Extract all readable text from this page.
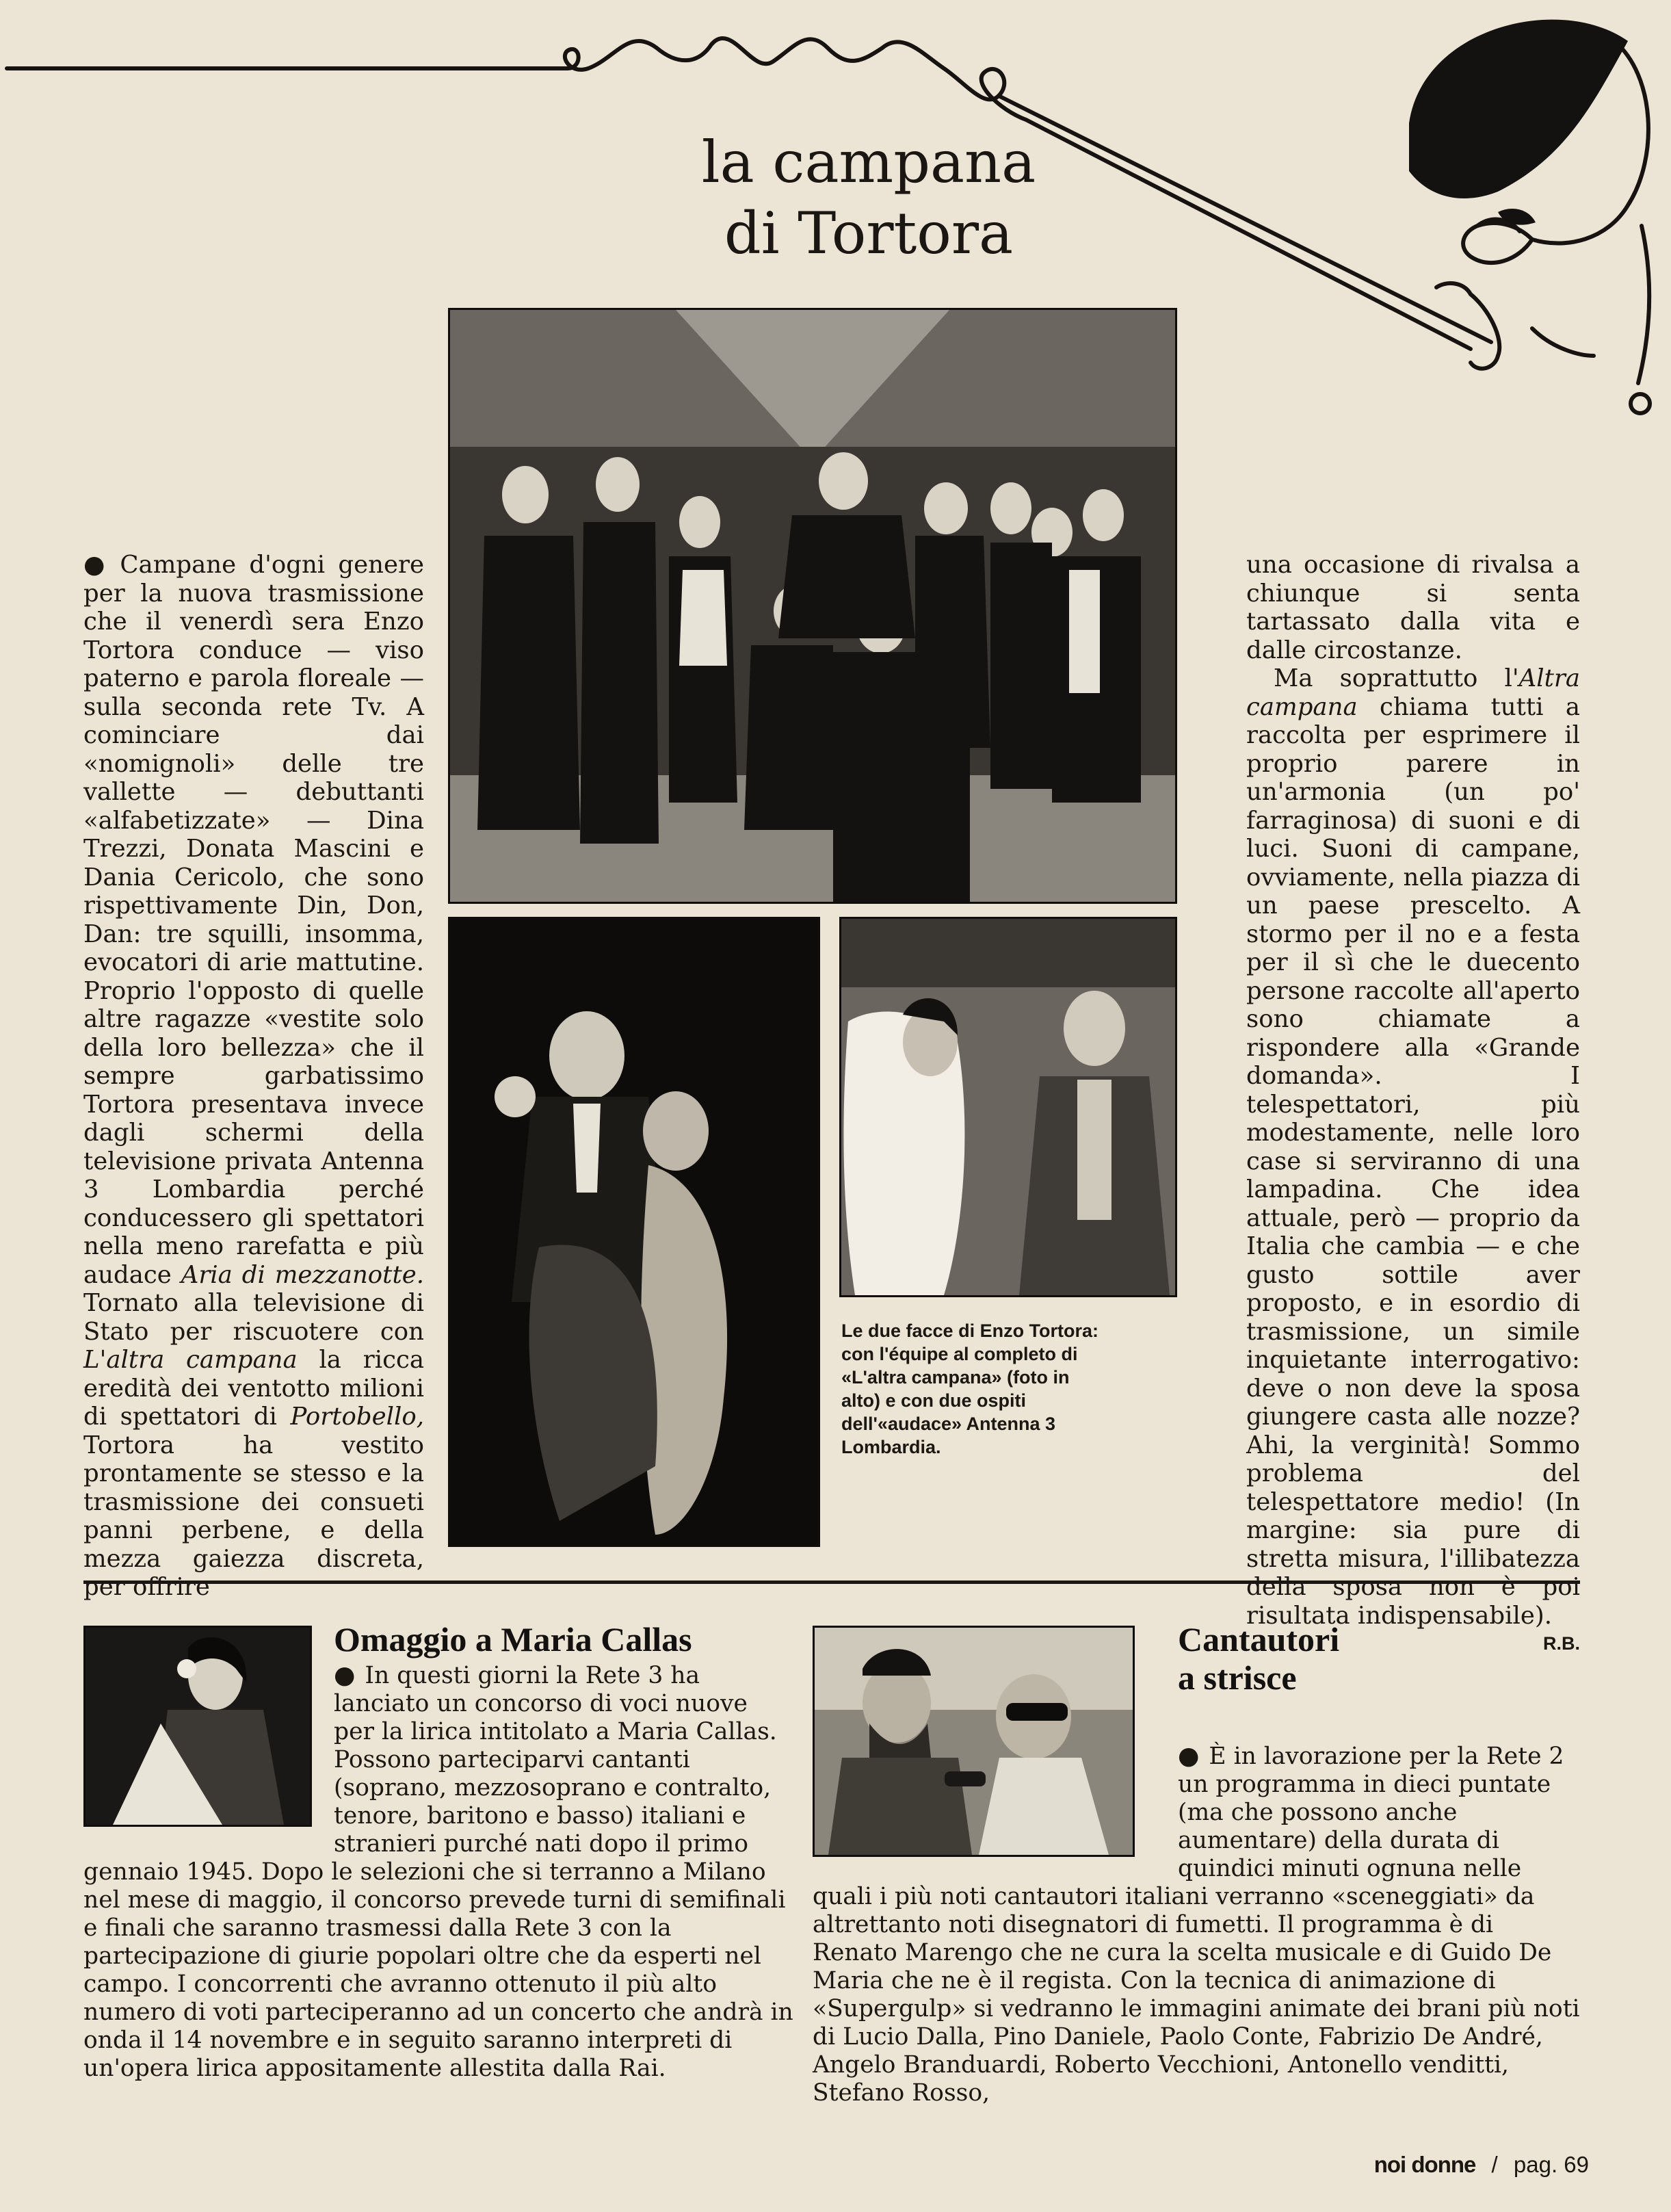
la campana
di Tortora
Le due facce di Enzo Tortora: con l'équipe al completo di «L'altra campana» (foto in alto) e con due ospiti dell'«audace» Antenna 3 Lombardia.

● Campane d'ogni genere per la nuova trasmissione che il venerdì sera Enzo Tortora conduce — viso paterno e parola floreale — sulla seconda rete Tv. A cominciare dai «nomignoli» delle tre vallette — debuttanti «alfabetizzate» — Dina Trezzi, Donata Mascini e Dania Cericolo, che sono rispettivamente Din, Don, Dan: tre squilli, insomma, evocatori di arie mattutine. Proprio l'opposto di quelle altre ragazze «vestite solo della loro bellezza» che il sempre garbatissimo Tortora presentava invece dagli schermi della televisione privata Antenna 3 Lombardia perché conducessero gli spettatori nella meno rarefatta e più audace Aria di mezzanotte. Tornato alla televisione di Stato per riscuotere con L'altra campana la ricca eredità dei ventotto milioni di spettatori di Portobello, Tortora ha vestito prontamente se stesso e la trasmissione dei consueti panni perbene, e della mezza gaiezza discreta, per offrire

una occasione di rivalsa a chiunque si senta tartassato dalla vita e dalle circostanze.

Ma soprattutto l'Altra campana chiama tutti a raccolta per esprimere il proprio parere in un'armonia (un po' farraginosa) di suoni e di luci. Suoni di campane, ovviamente, nella piazza di un paese prescelto. A stormo per il no e a festa per il sì che le duecento persone raccolte all'aperto sono chiamate a rispondere alla «Grande domanda». I telespettatori, più modestamente, nelle loro case si serviranno di una lampadina. Che idea attuale, però — proprio da Italia che cambia — e che gusto sottile aver proposto, e in esordio di trasmissione, un simile inquietante interrogativo: deve o non deve la sposa giungere casta alle nozze? Ahi, la verginità! Sommo problema del telespettatore medio! (In margine: sia pure di stretta misura, l'illibatezza della sposa non è poi risultata indispensabile).

R.B.
Omaggio a Maria Callas

● In questi giorni la Rete 3 ha lanciato un concorso di voci nuove per la lirica intitolato a Maria Callas. Possono parteciparvi cantanti (soprano, mezzosoprano e contralto, tenore, baritono e basso) italiani e stranieri purché nati dopo il primo gennaio 1945. Dopo le selezioni che si terranno a Milano nel mese di maggio, il concorso prevede turni di semifinali e finali che saranno trasmessi dalla Rete 3 con la partecipazione di giurie popolari oltre che da esperti nel campo. I concorrenti che avranno ottenuto il più alto numero di voti parteciperanno ad un concerto che andrà in onda il 14 novembre e in seguito saranno interpreti di un'opera lirica appositamente allestita dalla Rai.

Cantautori
a strisce

● È in lavorazione per la Rete 2 un programma in dieci puntate (ma che possono anche aumentare) della durata di quindici minuti ognuna nelle quali i più noti cantautori italiani verranno «sceneggiati» da altrettanto noti disegnatori di fumetti. Il programma è di Renato Marengo che ne cura la scelta musicale e di Guido De Maria che ne è il regista. Con la tecnica di animazione di «Supergulp» si vedranno le immagini animate dei brani più noti di Lucio Dalla, Pino Daniele, Paolo Conte, Fabrizio De André, Angelo Branduardi, Roberto Vecchioni, Antonello venditti, Stefano Rosso,

noi donne / pag. 69
